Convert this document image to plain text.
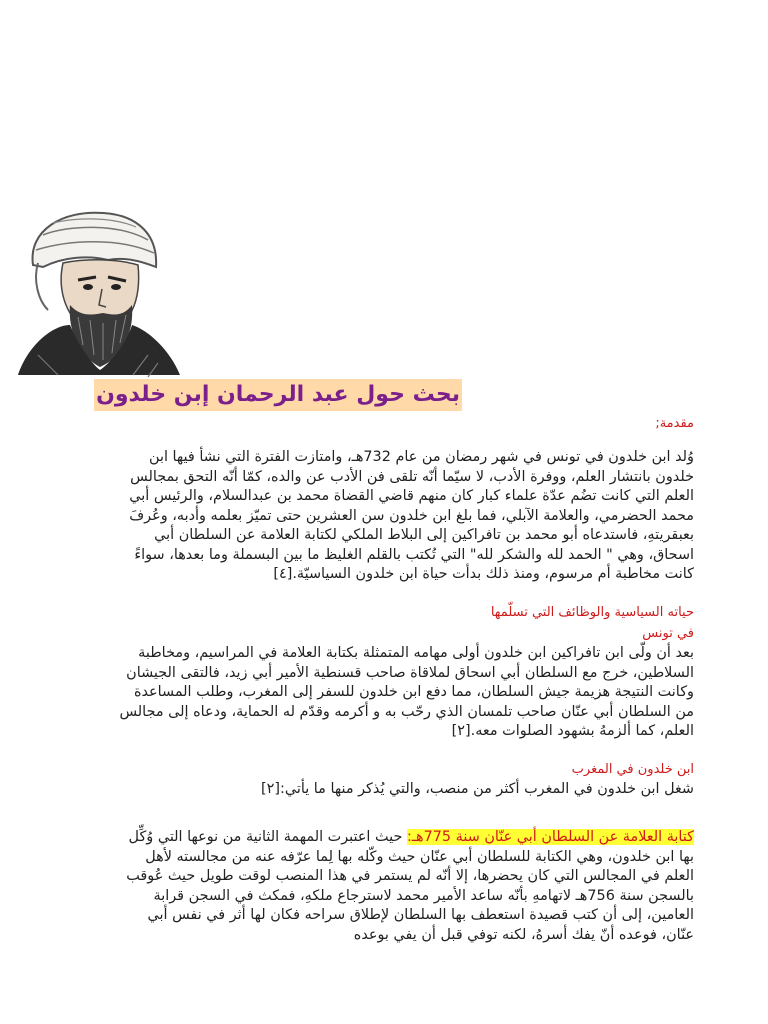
بحث حول عبد الرحمان إبن خلدون
مقدمة;
وُلد ابن خلدون في تونس في شهر رمضان من عام 732هـ، وامتازت الفترة التي نشأ فيها ابن
خلدون بانتشار العلم، ووفرة الأدب، لا سيّما أنّه تلقى فن الأدب عن والده، كمّا أنّه التحق بمجالس
العلم التي كانت تضُم عدّة علماء كبار كان منهم قاضي القضاة محمد بن عبدالسلام، والرئيس أبي
محمد الحضرمي، والعلامة الآبلي، فما بلغ ابن خلدون سن العشرين حتى تميّز بعلمه وأدبه، وعُرفَ
بعبقريتهِ، فاستدعاه أبو محمد بن تافراكين إلى البلاط الملكي لكتابة العلامة عن السلطان أبي
اسحاق، وهي " الحمد لله والشكر لله" التي تُكتب بالقلم الغليظ ما بين البسملة وما بعدها، سواءً
كانت مخاطبة أم مرسوم، ومنذ ذلك بدأت حياة ابن خلدون السياسيّة.[٤]
حياته السياسية والوظائف التي تسلّمها
في تونس
بعد أن ولّى ابن تافراكين ابن خلدون أولى مهامه المتمثلة بكتابة العلامة في المراسيم، ومخاطبة
السلاطين، خرج مع السلطان أبي اسحاق لملاقاة صاحب قسنطية الأمير أبي زيد، فالتقى الجيشان
وكانت النتيجة هزيمة جيش السلطان، مما دفع ابن خلدون للسفر إلى المغرب، وطلب المساعدة
من السلطان أبي عنّان صاحب تلمسان الذي رحّب به و أكرمه وقدّم له الحماية، ودعاه إلى مجالس
العلم، كما ألزمهُ بشهود الصلوات معه.[٢]
ابن خلدون في المغرب
شغل ابن خلدون في المغرب أكثر من منصب، والتي يُذكر منها ما يأتي:[٢]
كتابة العلامة عن السلطان أبي عنّان سنة 775هـ: حيث اعتبرت المهمة الثانية من نوعها التي وُكِّل
بها ابن خلدون، وهي الكتابة للسلطان أبي عنّان حيث وكّله بها لِما عرّفه عنه من مجالسته لأهل
العلم في المجالس التي كان يحضرها، إلا أنّه لم يستمر في هذا المنصب لوقت طويل حيث عُوقب
بالسجن سنة 756هـ لاتهامهِ بأنّه ساعد الأمير محمد لاسترجاع ملكهِ، فمكث في السجن قرابة
العامين، إلى أن كتب قصيدة استعطف بها السلطان لإطلاق سراحه فكان لها أثر في نفس أبي
عنّان، فوعده أنّ يفك أسرهُ، لكنه توفي قبل أن يفي بوعده
